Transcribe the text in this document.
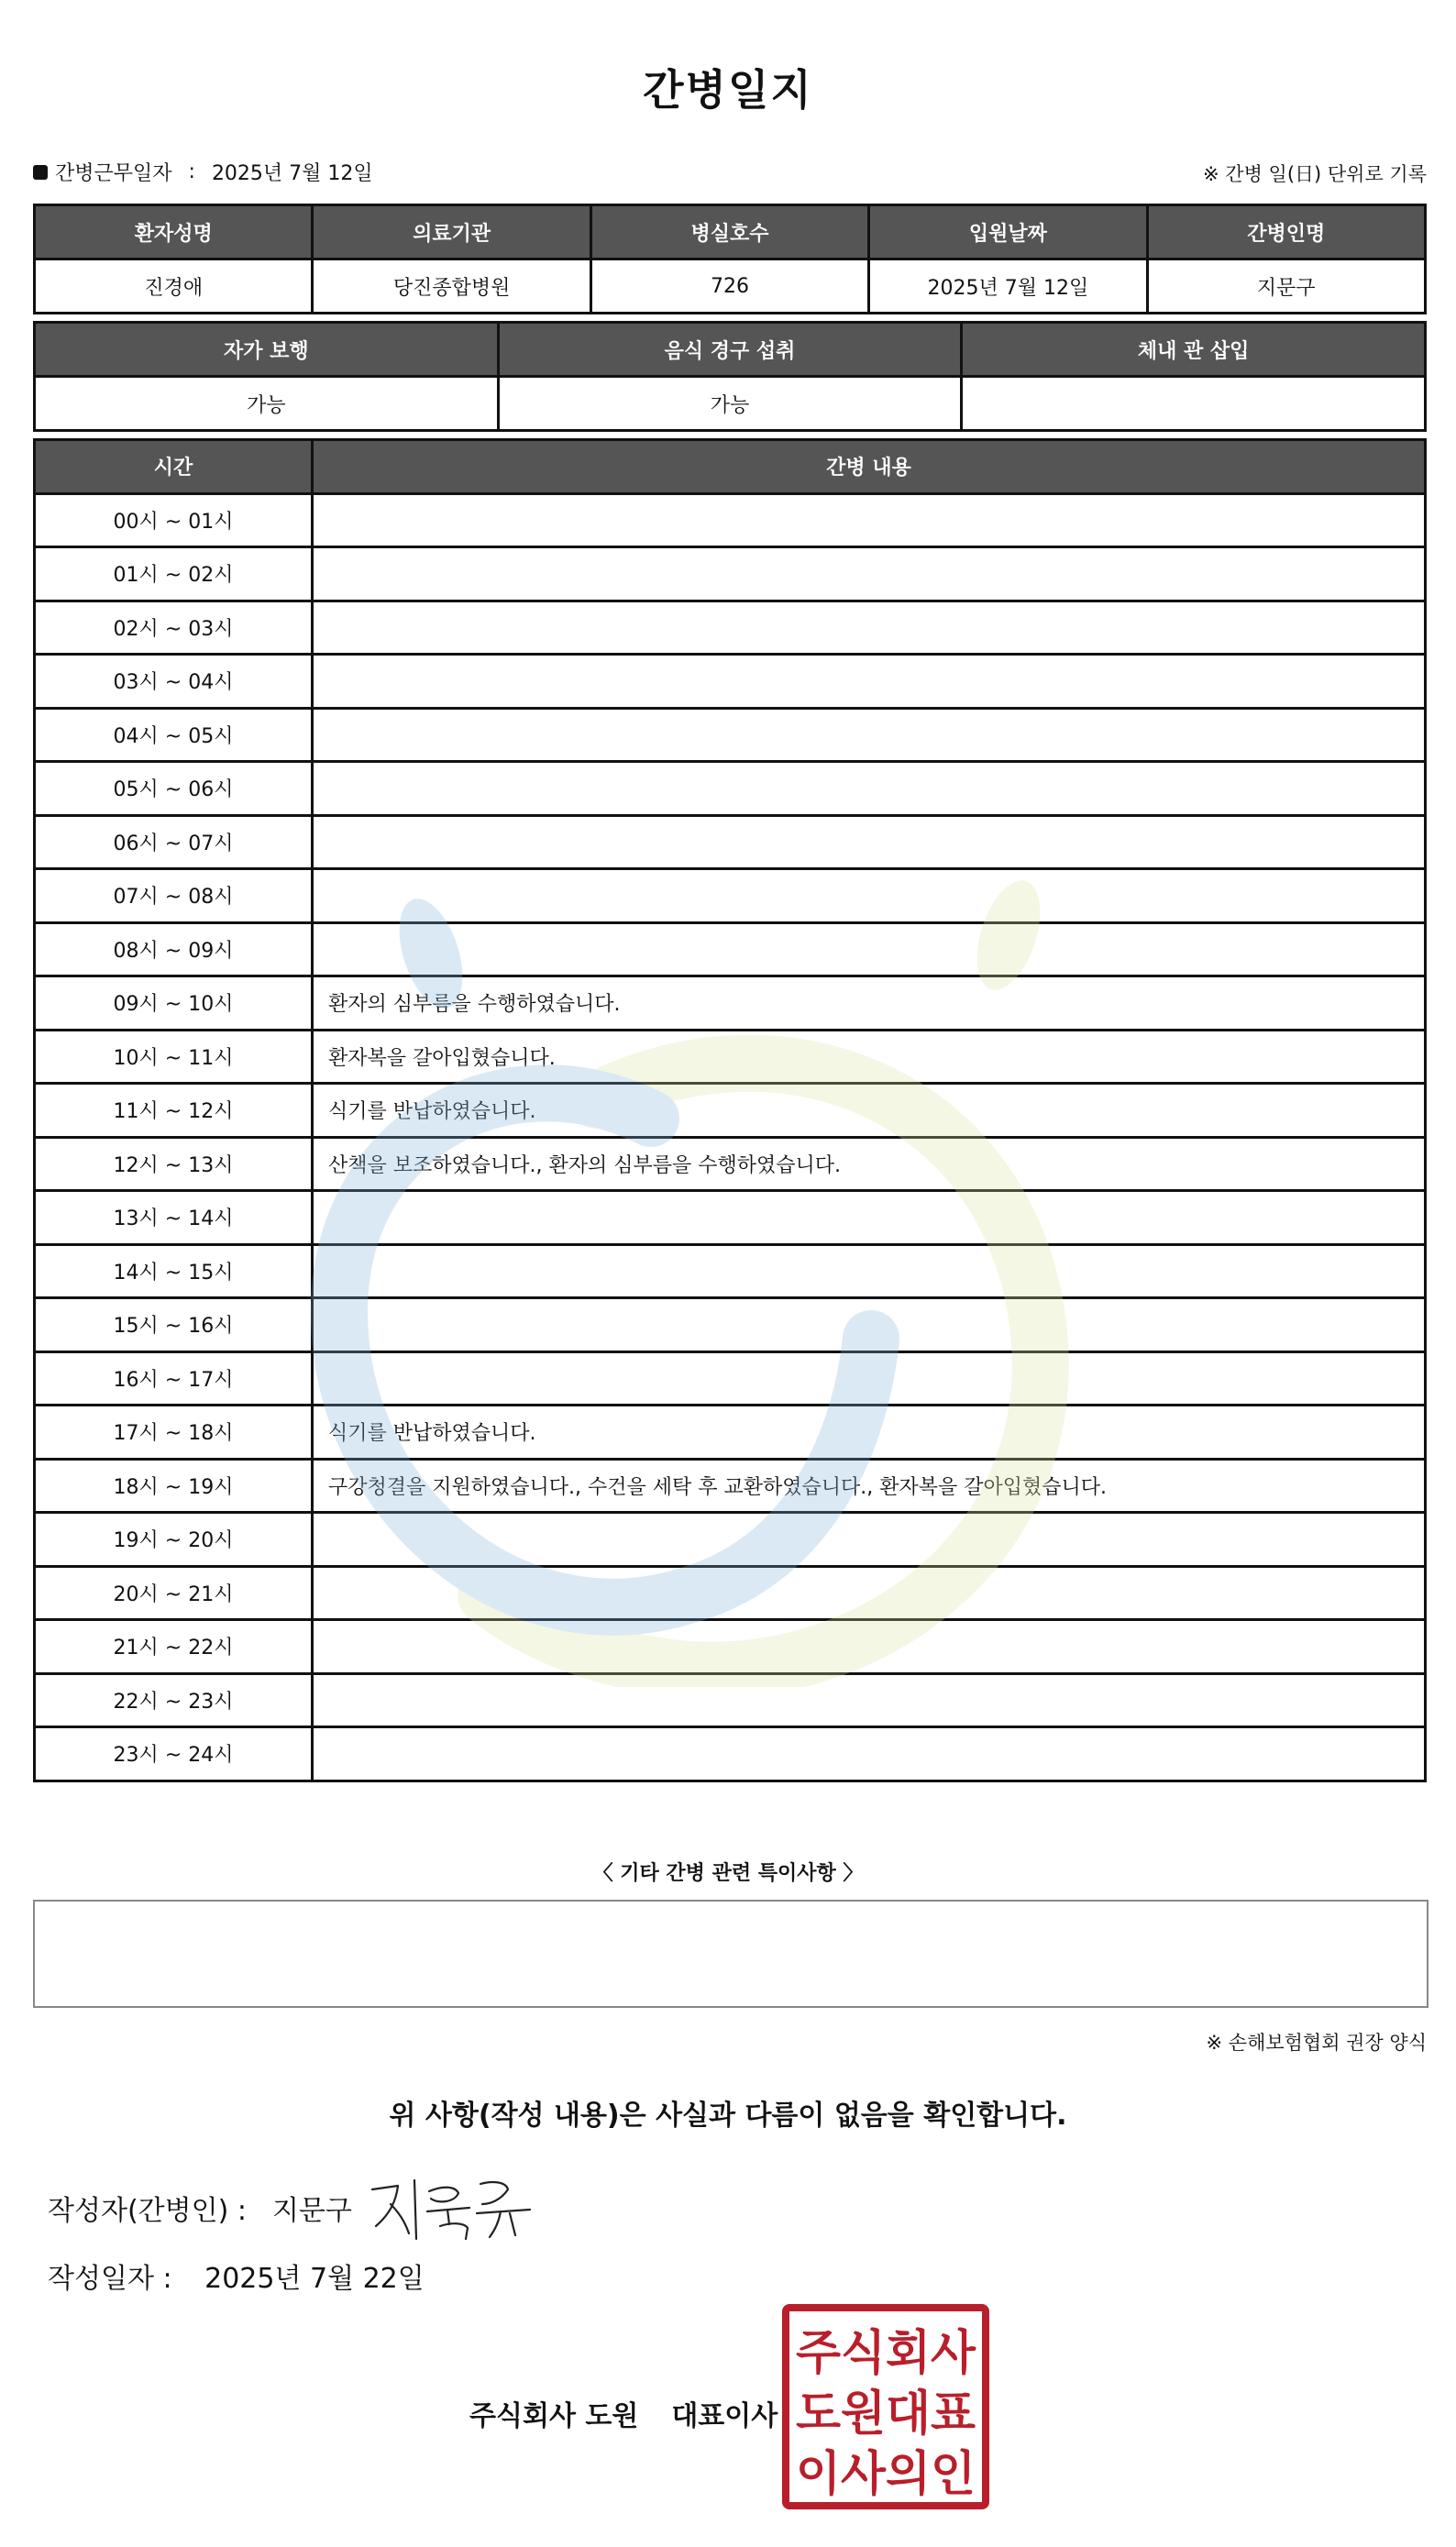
간병일지
간병근무일자 : 2025년 7월 12일	※ 간병 일(日) 단위로 기록
환자성명	의료기관	병실호수	입원날짜	간병인명
진경애	당진종합병원	726	2025년 7월 12일	지문구
자가 보행	음식 경구 섭취	체내 관 삽입
가능	가능	
시간	간병 내용
00시 ~ 01시	
01시 ~ 02시	
02시 ~ 03시	
03시 ~ 04시	
04시 ~ 05시	
05시 ~ 06시	
06시 ~ 07시	
07시 ~ 08시	
08시 ~ 09시	
09시 ~ 10시	환자의 심부름을 수행하였습니다.
10시 ~ 11시	환자복을 갈아입혔습니다.
11시 ~ 12시	식기를 반납하였습니다.
12시 ~ 13시	산책을 보조하였습니다., 환자의 심부름을 수행하였습니다.
13시 ~ 14시	
14시 ~ 15시	
15시 ~ 16시	
16시 ~ 17시	
17시 ~ 18시	식기를 반납하였습니다.
18시 ~ 19시	구강청결을 지원하였습니다., 수건을 세탁 후 교환하였습니다., 환자복을 갈아입혔습니다.
19시 ~ 20시	
20시 ~ 21시	
21시 ~ 22시	
22시 ~ 23시	
23시 ~ 24시	
〈 기타 간병 관련 특이사항 〉
※ 손해보험협회 권장 양식
위 사항(작성 내용)은 사실과 다름이 없음을 확인합니다.
작성자(간병인) : 지문구
작성일자 : 2025년 7월 22일
주식회사 도원 대표이사
주식회사
도원대표
이사의인
